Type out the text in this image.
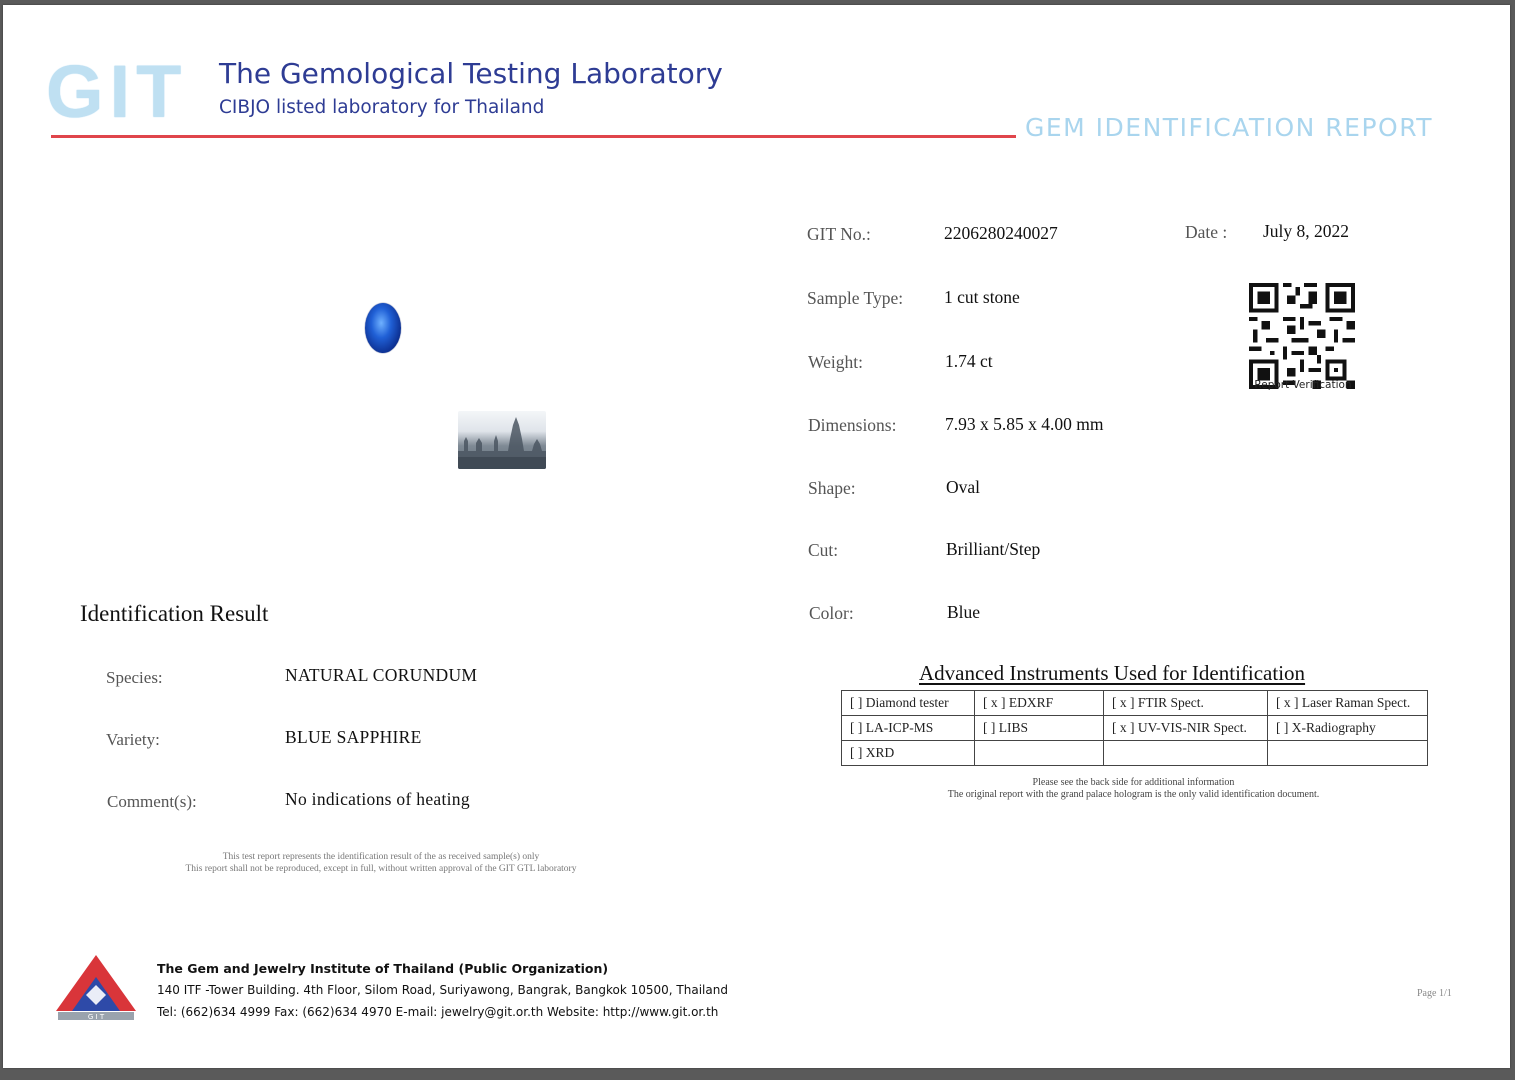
GIT The Gemological Testing Laboratory
CIBJO listed laboratory for Thailand
GEM IDENTIFICATION REPORT
GIT No.:	2206280240027	Date : July 8, 2022
Sample Type: 1 cut stone
Weight:	1.74 ct
Dimensions:	7.93 x 5.85 x 4.00 mm
Shape:	Oval
Cut:	Brilliant/Step
Color:	Blue
Report Verification
Identification Result
Species:	NATURAL CORUNDUM
Variety:	BLUE SAPPHIRE
Comment(s):	No indications of heating
This test report represents the identification result of the as received sample(s) only
This report shall not be reproduced, except in full, without written approval of the GIT GTL laboratory
Advanced Instruments Used for Identification
[ ] Diamond tester	[ x ] EDXRF	[ x ] FTIR Spect.	[ x ] Laser Raman Spect.
[ ] LA-ICP-MS	[ ] LIBS	[ x ] UV-VIS-NIR Spect.	[ ] X-Radiography
[ ] XRD			
Please see the back side for additional information
The original report with the grand palace hologram is the only valid identification document.
G I T
The Gem and Jewelry Institute of Thailand (Public Organization)
140 ITF -Tower Building. 4th Floor, Silom Road, Suriyawong, Bangrak, Bangkok 10500, Thailand
Tel: (662)634 4999 Fax: (662)634 4970 E-mail: jewelry@git.or.th Website: http://www.git.or.th
Page 1/1
